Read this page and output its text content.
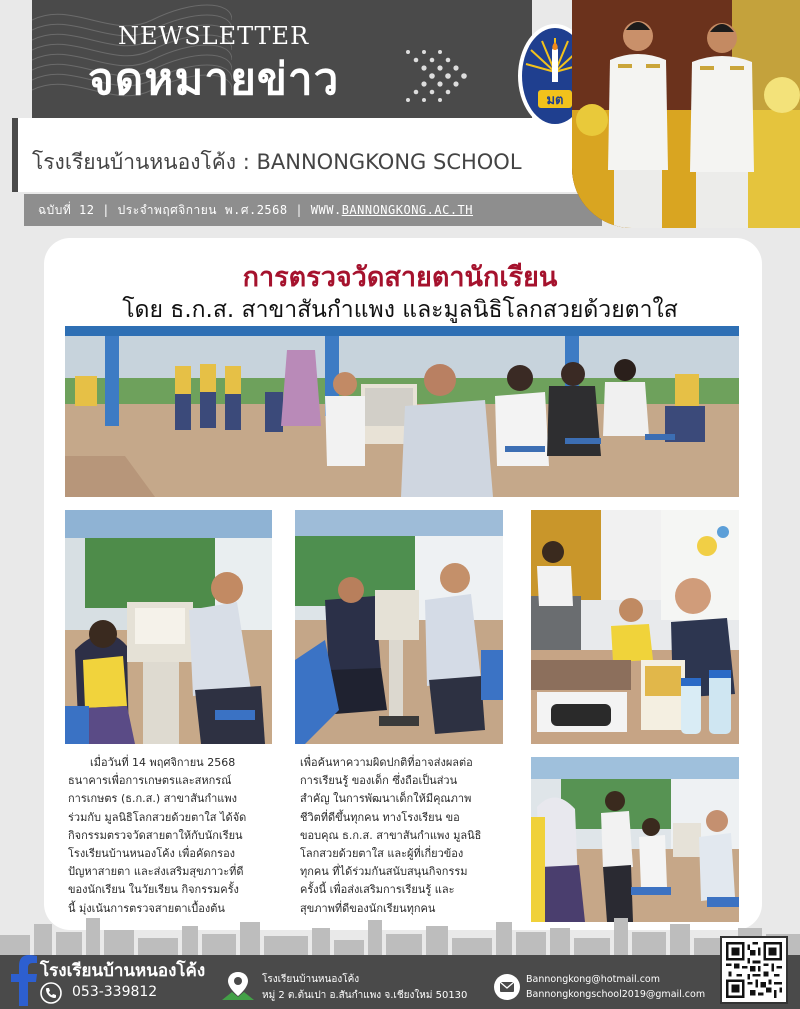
NEWSLETTER
จดหมายข่าว
โรงเรียนบ้านหนองโค้ง : BANNONGKONG SCHOOL
ฉบับที่ 12 | ประจำพฤศจิกายน พ.ศ.2568 | WWW.BANNONGKONG.AC.TH
มต
การตรวจวัดสายตานักเรียน
โดย ธ.ก.ส. สาขาสันกำแพง และมูลนิธิโลกสวยด้วยตาใส
เมื่อวันที่ 14 พฤศจิกายน 2568
ธนาคารเพื่อการเกษตรและสหกรณ์
การเกษตร (ธ.ก.ส.) สาขาสันกำแพง
ร่วมกับ มูลนิธิโลกสวยด้วยตาใส ได้จัด
กิจกรรมตรวจวัดสายตาให้กับนักเรียน
โรงเรียนบ้านหนองโค้ง เพื่อคัดกรอง
ปัญหาสายตา และส่งเสริมสุขภาวะที่ดี
ของนักเรียน ในวัยเรียน กิจกรรมครั้ง
นี้ มุ่งเน้นการตรวจสายตาเบื้องต้น
เพื่อค้นหาความผิดปกติที่อาจส่งผลต่อ
การเรียนรู้ ของเด็ก ซึ่งถือเป็นส่วน
สำคัญ ในการพัฒนาเด็กให้มีคุณภาพ
ชีวิตที่ดีขึ้นทุกคน ทางโรงเรียน ขอ
ขอบคุณ ธ.ก.ส. สาขาสันกำแพง มูลนิธิ
โลกสวยด้วยตาใส และผู้ที่เกี่ยวข้อง
ทุกคน ที่ได้ร่วมกันสนับสนุนกิจกรรม
ครั้งนี้ เพื่อส่งเสริมการเรียนรู้ และ
สุขภาพที่ดีของนักเรียนทุกคน
โรงเรียนบ้านหนองโค้ง
053-339812
โรงเรียนบ้านหนองโค้ง
หมู่ 2 ต.ต้นเปา อ.สันกำแพง จ.เชียงใหม่ 50130
Bannongkong@hotmail.com
Bannongkongschool2019@gmail.com
